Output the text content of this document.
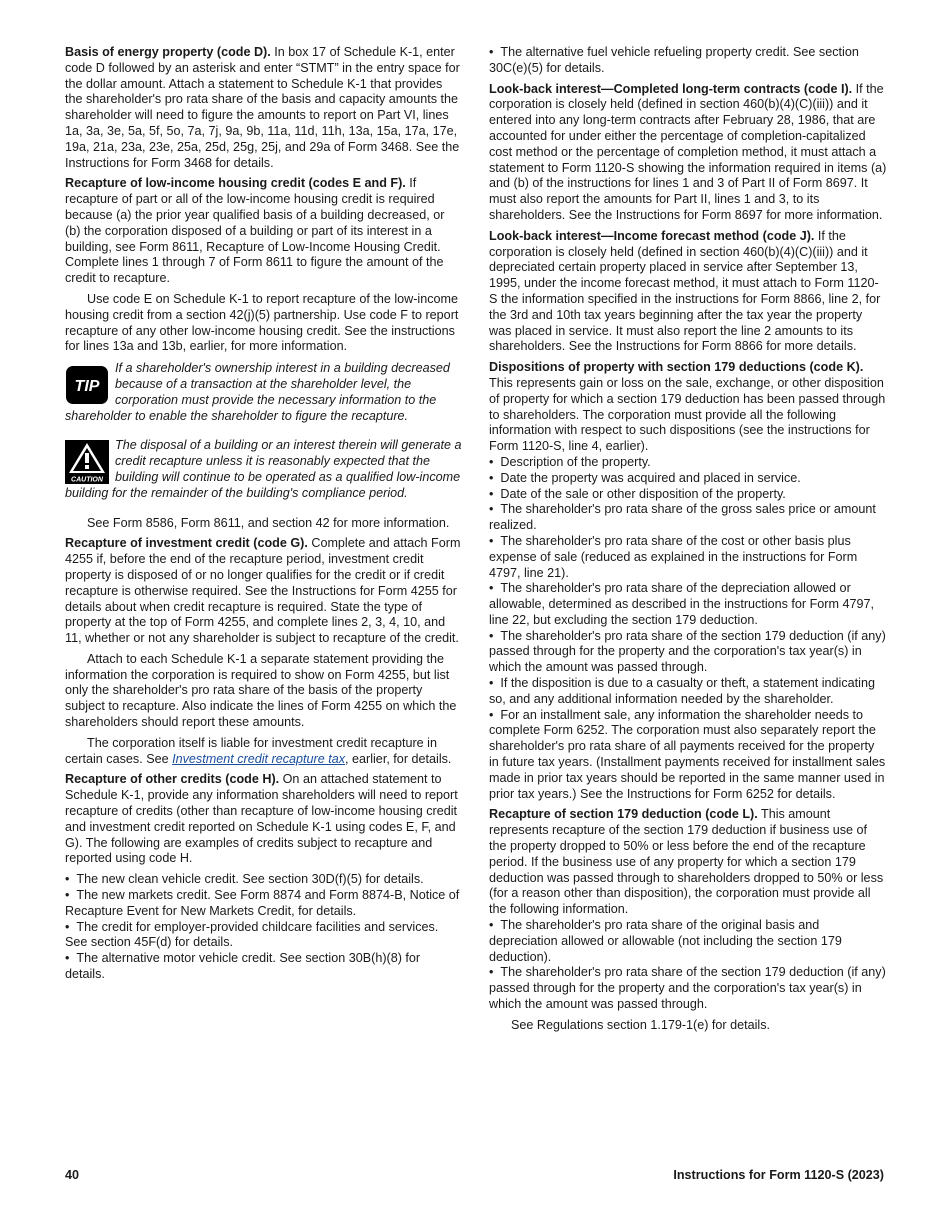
Basis of energy property (code D). In box 17 of Schedule K-1, enter code D followed by an asterisk and enter “STMT” in the entry space for the dollar amount. Attach a statement to Schedule K-1 that provides the shareholder's pro rata share of the basis and capacity amounts the shareholder will need to figure the amounts to report on Part VI, lines 1a, 3a, 3e, 5a, 5f, 5o, 7a, 7j, 9a, 9b, 11a, 11d, 11h, 13a, 15a, 17a, 17e, 19a, 21a, 23a, 23e, 25a, 25d, 25g, 25j, and 29a of Form 3468. See the Instructions for Form 3468 for details.

Recapture of low-income housing credit (codes E and F). If recapture of part or all of the low-income housing credit is required because (a) the prior year qualified basis of a building decreased, or (b) the corporation disposed of a building or part of its interest in a building, see Form 8611, Recapture of Low-Income Housing Credit. Complete lines 1 through 7 of Form 8611 to figure the amount of the credit to recapture.

Use code E on Schedule K-1 to report recapture of the low-income housing credit from a section 42(j)(5) partnership. Use code F to report recapture of any other low-income housing credit. See the instructions for lines 13a and 13b, earlier, for more information.

TIP
If a shareholder's ownership interest in a building decreased because of a transaction at the shareholder level, the corporation must provide the necessary information to the shareholder to enable the shareholder to figure the recapture.
CAUTION
The disposal of a building or an interest therein will generate a credit recapture unless it is reasonably expected that the building will continue to be operated as a qualified low-income building for the remainder of the building's compliance period.

See Form 8586, Form 8611, and section 42 for more information.

Recapture of investment credit (code G). Complete and attach Form 4255 if, before the end of the recapture period, investment credit property is disposed of or no longer qualifies for the credit or if credit recapture is otherwise required. See the Instructions for Form 4255 for details about when credit recapture is required. State the type of property at the top of Form 4255, and complete lines 2, 3, 4, 10, and 11, whether or not any shareholder is subject to recapture of the credit.

Attach to each Schedule K-1 a separate statement providing the information the corporation is required to show on Form 4255, but list only the shareholder's pro rata share of the basis of the property subject to recapture. Also indicate the lines of Form 4255 on which the shareholders should report these amounts.

The corporation itself is liable for investment credit recapture in certain cases. See Investment credit recapture tax, earlier, for details.

Recapture of other credits (code H). On an attached statement to Schedule K-1, provide any information shareholders will need to report recapture of credits (other than recapture of low-income housing credit and investment credit reported on Schedule K-1 using codes E, F, and G). The following are examples of credits subject to recapture and reported using code H.

•  The new clean vehicle credit. See section 30D(f)(5) for details.

•  The new markets credit. See Form 8874 and Form 8874-B, Notice of Recapture Event for New Markets Credit, for details.

•  The credit for employer-provided childcare facilities and services. See section 45F(d) for details.

•  The alternative motor vehicle credit. See section 30B(h)(8) for details.

•  The alternative fuel vehicle refueling property credit. See section 30C(e)(5) for details.

Look-back interest—Completed long-term contracts (code I). If the corporation is closely held (defined in section 460(b)(4)(C)(iii)) and it entered into any long-term contracts after February 28, 1986, that are accounted for under either the percentage of completion-capitalized cost method or the percentage of completion method, it must attach a statement to Form 1120-S showing the information required in items (a) and (b) of the instructions for lines 1 and 3 of Part II of Form 8697. It must also report the amounts for Part II, lines 1 and 3, to its shareholders. See the Instructions for Form 8697 for more information.

Look-back interest—Income forecast method (code J). If the corporation is closely held (defined in section 460(b)(4)(C)(iii)) and it depreciated certain property placed in service after September 13, 1995, under the income forecast method, it must attach to Form 1120-S the information specified in the instructions for Form 8866, line 2, for the 3rd and 10th tax years beginning after the tax year the property was placed in service. It must also report the line 2 amounts to its shareholders. See the Instructions for Form 8866 for more details.

Dispositions of property with section 179 deductions (code K). This represents gain or loss on the sale, exchange, or other disposition of property for which a section 179 deduction has been passed through to shareholders. The corporation must provide all the following information with respect to such dispositions (see the instructions for Form 1120-S, line 4, earlier).

•  Description of the property.

•  Date the property was acquired and placed in service.

•  Date of the sale or other disposition of the property.

•  The shareholder's pro rata share of the gross sales price or amount realized.

•  The shareholder's pro rata share of the cost or other basis plus expense of sale (reduced as explained in the instructions for Form 4797, line 21).

•  The shareholder's pro rata share of the depreciation allowed or allowable, determined as described in the instructions for Form 4797, line 22, but excluding the section 179 deduction.

•  The shareholder's pro rata share of the section 179 deduction (if any) passed through for the property and the corporation's tax year(s) in which the amount was passed through.

•  If the disposition is due to a casualty or theft, a statement indicating so, and any additional information needed by the shareholder.

•  For an installment sale, any information the shareholder needs to complete Form 6252. The corporation must also separately report the shareholder's pro rata share of all payments received for the property in future tax years. (Installment payments received for installment sales made in prior tax years should be reported in the same manner used in prior tax years.) See the Instructions for Form 6252 for details.

Recapture of section 179 deduction (code L). This amount represents recapture of the section 179 deduction if business use of the property dropped to 50% or less before the end of the recapture period. If the business use of any property for which a section 179 deduction was passed through to shareholders dropped to 50% or less (for a reason other than disposition), the corporation must provide all the following information.

•  The shareholder's pro rata share of the original basis and depreciation allowed or allowable (not including the section 179 deduction).

•  The shareholder's pro rata share of the section 179 deduction (if any) passed through for the property and the corporation's tax year(s) in which the amount was passed through.

See Regulations section 1.179-1(e) for details.

40	Instructions for Form 1120-S (2023)
